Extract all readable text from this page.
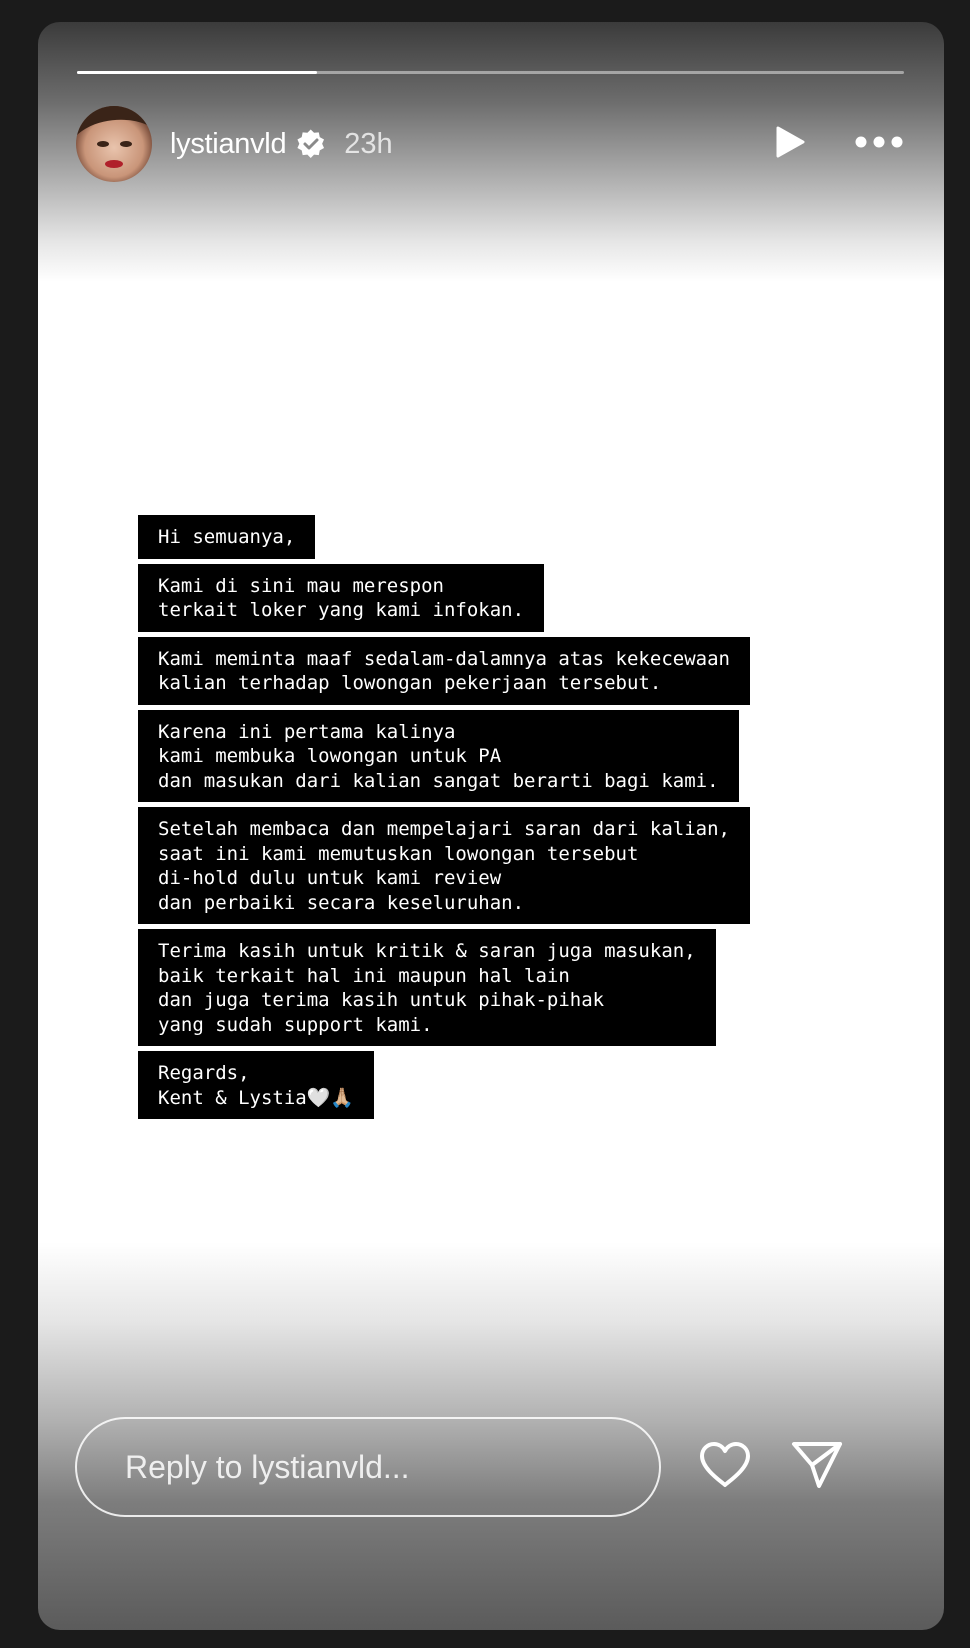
lystianvld 23h
Hi semuanya,
Kami di sini mau merespon
terkait loker yang kami infokan.
Kami meminta maaf sedalam-dalamnya atas kekecewaan
kalian terhadap lowongan pekerjaan tersebut.
Karena ini pertama kalinya
kami membuka lowongan untuk PA
dan masukan dari kalian sangat berarti bagi kami.
Setelah membaca dan mempelajari saran dari kalian,
saat ini kami memutuskan lowongan tersebut
di-hold dulu untuk kami review
dan perbaiki secara keseluruhan.
Terima kasih untuk kritik & saran juga masukan,
baik terkait hal ini maupun hal lain
dan juga terima kasih untuk pihak-pihak
yang sudah support kami.
Regards,
Kent & Lystia🤍🙏🏼
Reply to lystianvld...
